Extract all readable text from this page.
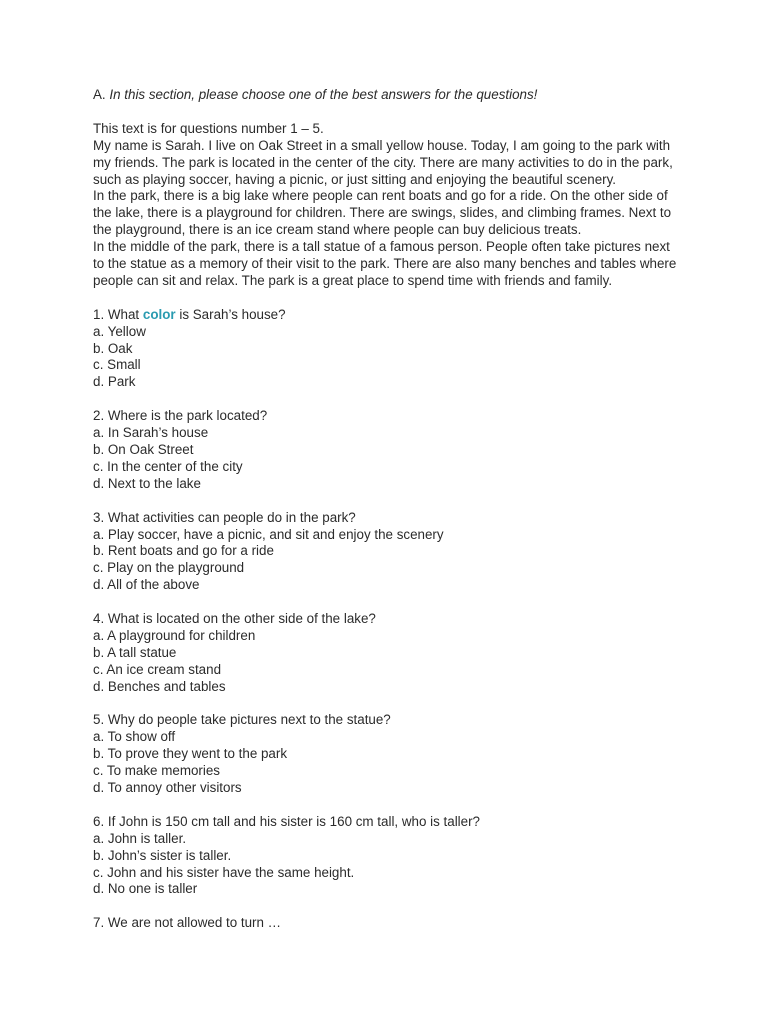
A. In this section, please choose one of the best answers for the questions!

This text is for questions number 1 – 5.

My name is Sarah. I live on Oak Street in a small yellow house. Today, I am going to the park with my friends. The park is located in the center of the city. There are many activities to do in the park, such as playing soccer, having a picnic, or just sitting and enjoying the beautiful scenery.

In the park, there is a big lake where people can rent boats and go for a ride. On the other side of the lake, there is a playground for children. There are swings, slides, and climbing frames. Next to the playground, there is an ice cream stand where people can buy delicious treats.

In the middle of the park, there is a tall statue of a famous person. People often take pictures next to the statue as a memory of their visit to the park. There are also many benches and tables where people can sit and relax. The park is a great place to spend time with friends and family.

1. What color is Sarah’s house?
a. Yellow
b. Oak
c. Small
d. Park
2. Where is the park located?
a. In Sarah’s house
b. On Oak Street
c. In the center of the city
d. Next to the lake
3. What activities can people do in the park?
a. Play soccer, have a picnic, and sit and enjoy the scenery
b. Rent boats and go for a ride
c. Play on the playground
d. All of the above
4. What is located on the other side of the lake?
a. A playground for children
b. A tall statue
c. An ice cream stand
d. Benches and tables
5. Why do people take pictures next to the statue?
a. To show off
b. To prove they went to the park
c. To make memories
d. To annoy other visitors
6. If John is 150 cm tall and his sister is 160 cm tall, who is taller?
a. John is taller.
b. John’s sister is taller.
c. John and his sister have the same height.
d. No one is taller
7. We are not allowed to turn …
